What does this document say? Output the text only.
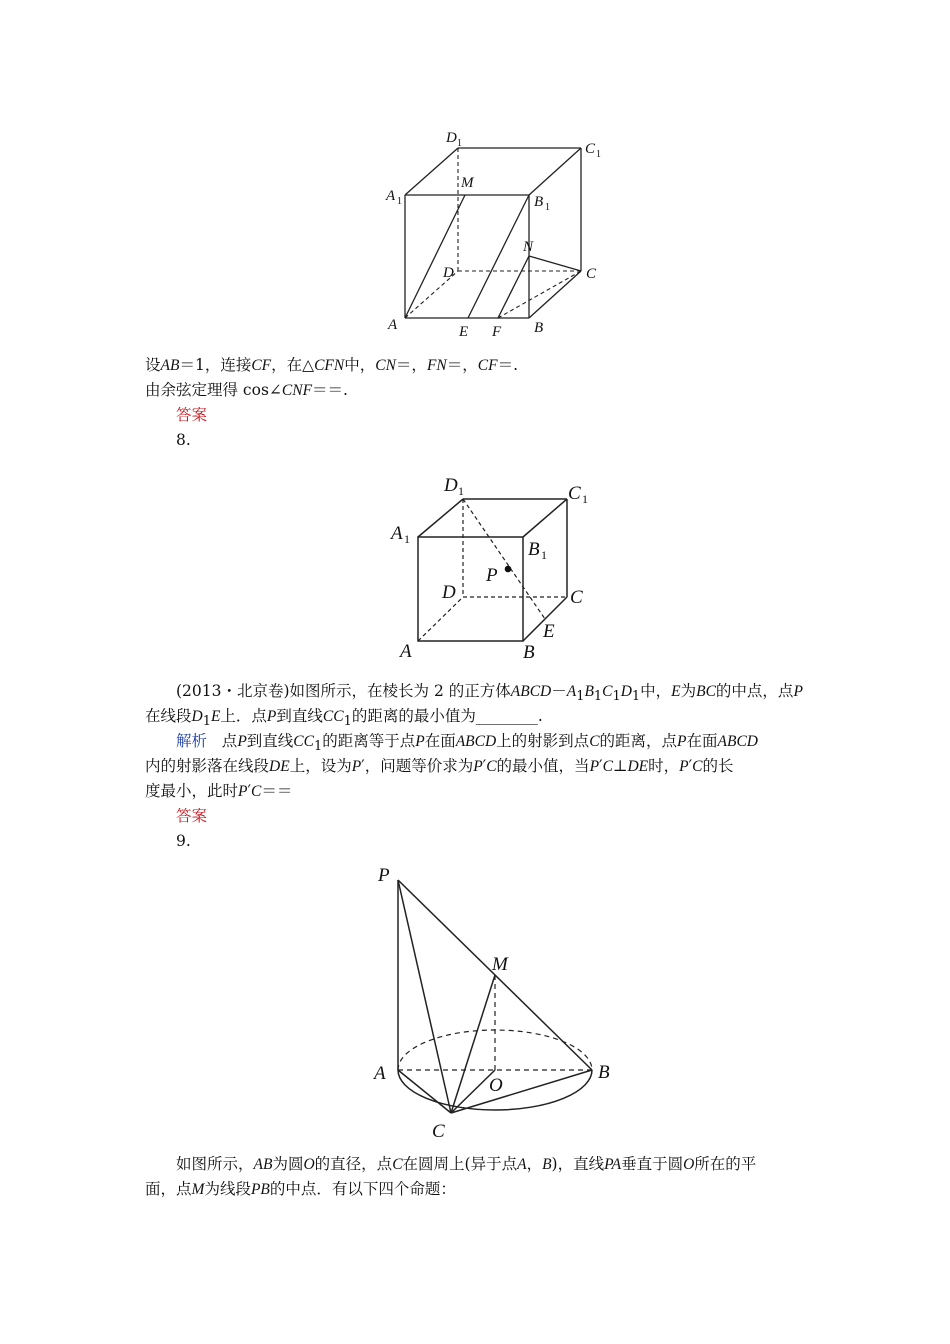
D 1	C 1
A 1
M
B 1
N
D	C
A	E F B
设AB＝1，连接CF，在△CFN中，CN＝，FN＝，CF＝.
由余弦定理得 cos∠CNF＝＝.
答案
8.
D 1	C 1
A 1	B 1
P
D	C
A
E
B
(2013・北京卷)如图所示，在棱长为 2 的正方体$ABCD-A_1B_1C_1D_1$中，E为BC的中点，点P
在线段$D_1E$上．点P到直线$CC_1$的距离的最小值为________.
解析 点P到直线$CC_1$的距离等于点P在面ABCD上的射影到点C的距离，点P在面ABCD
内的射影落在线段DE上，设为P′，问题等价求为P′C的最小值，当P′C⊥DE时，P′C的长
度最小，此时P′C＝＝
答案
9.
P
M
A
O
B
C
如图所示，AB为圆O的直径，点C在圆周上(异于点A，B)，直线PA垂直于圆O所在的平
面，点M为线段PB的中点．有以下四个命题：
